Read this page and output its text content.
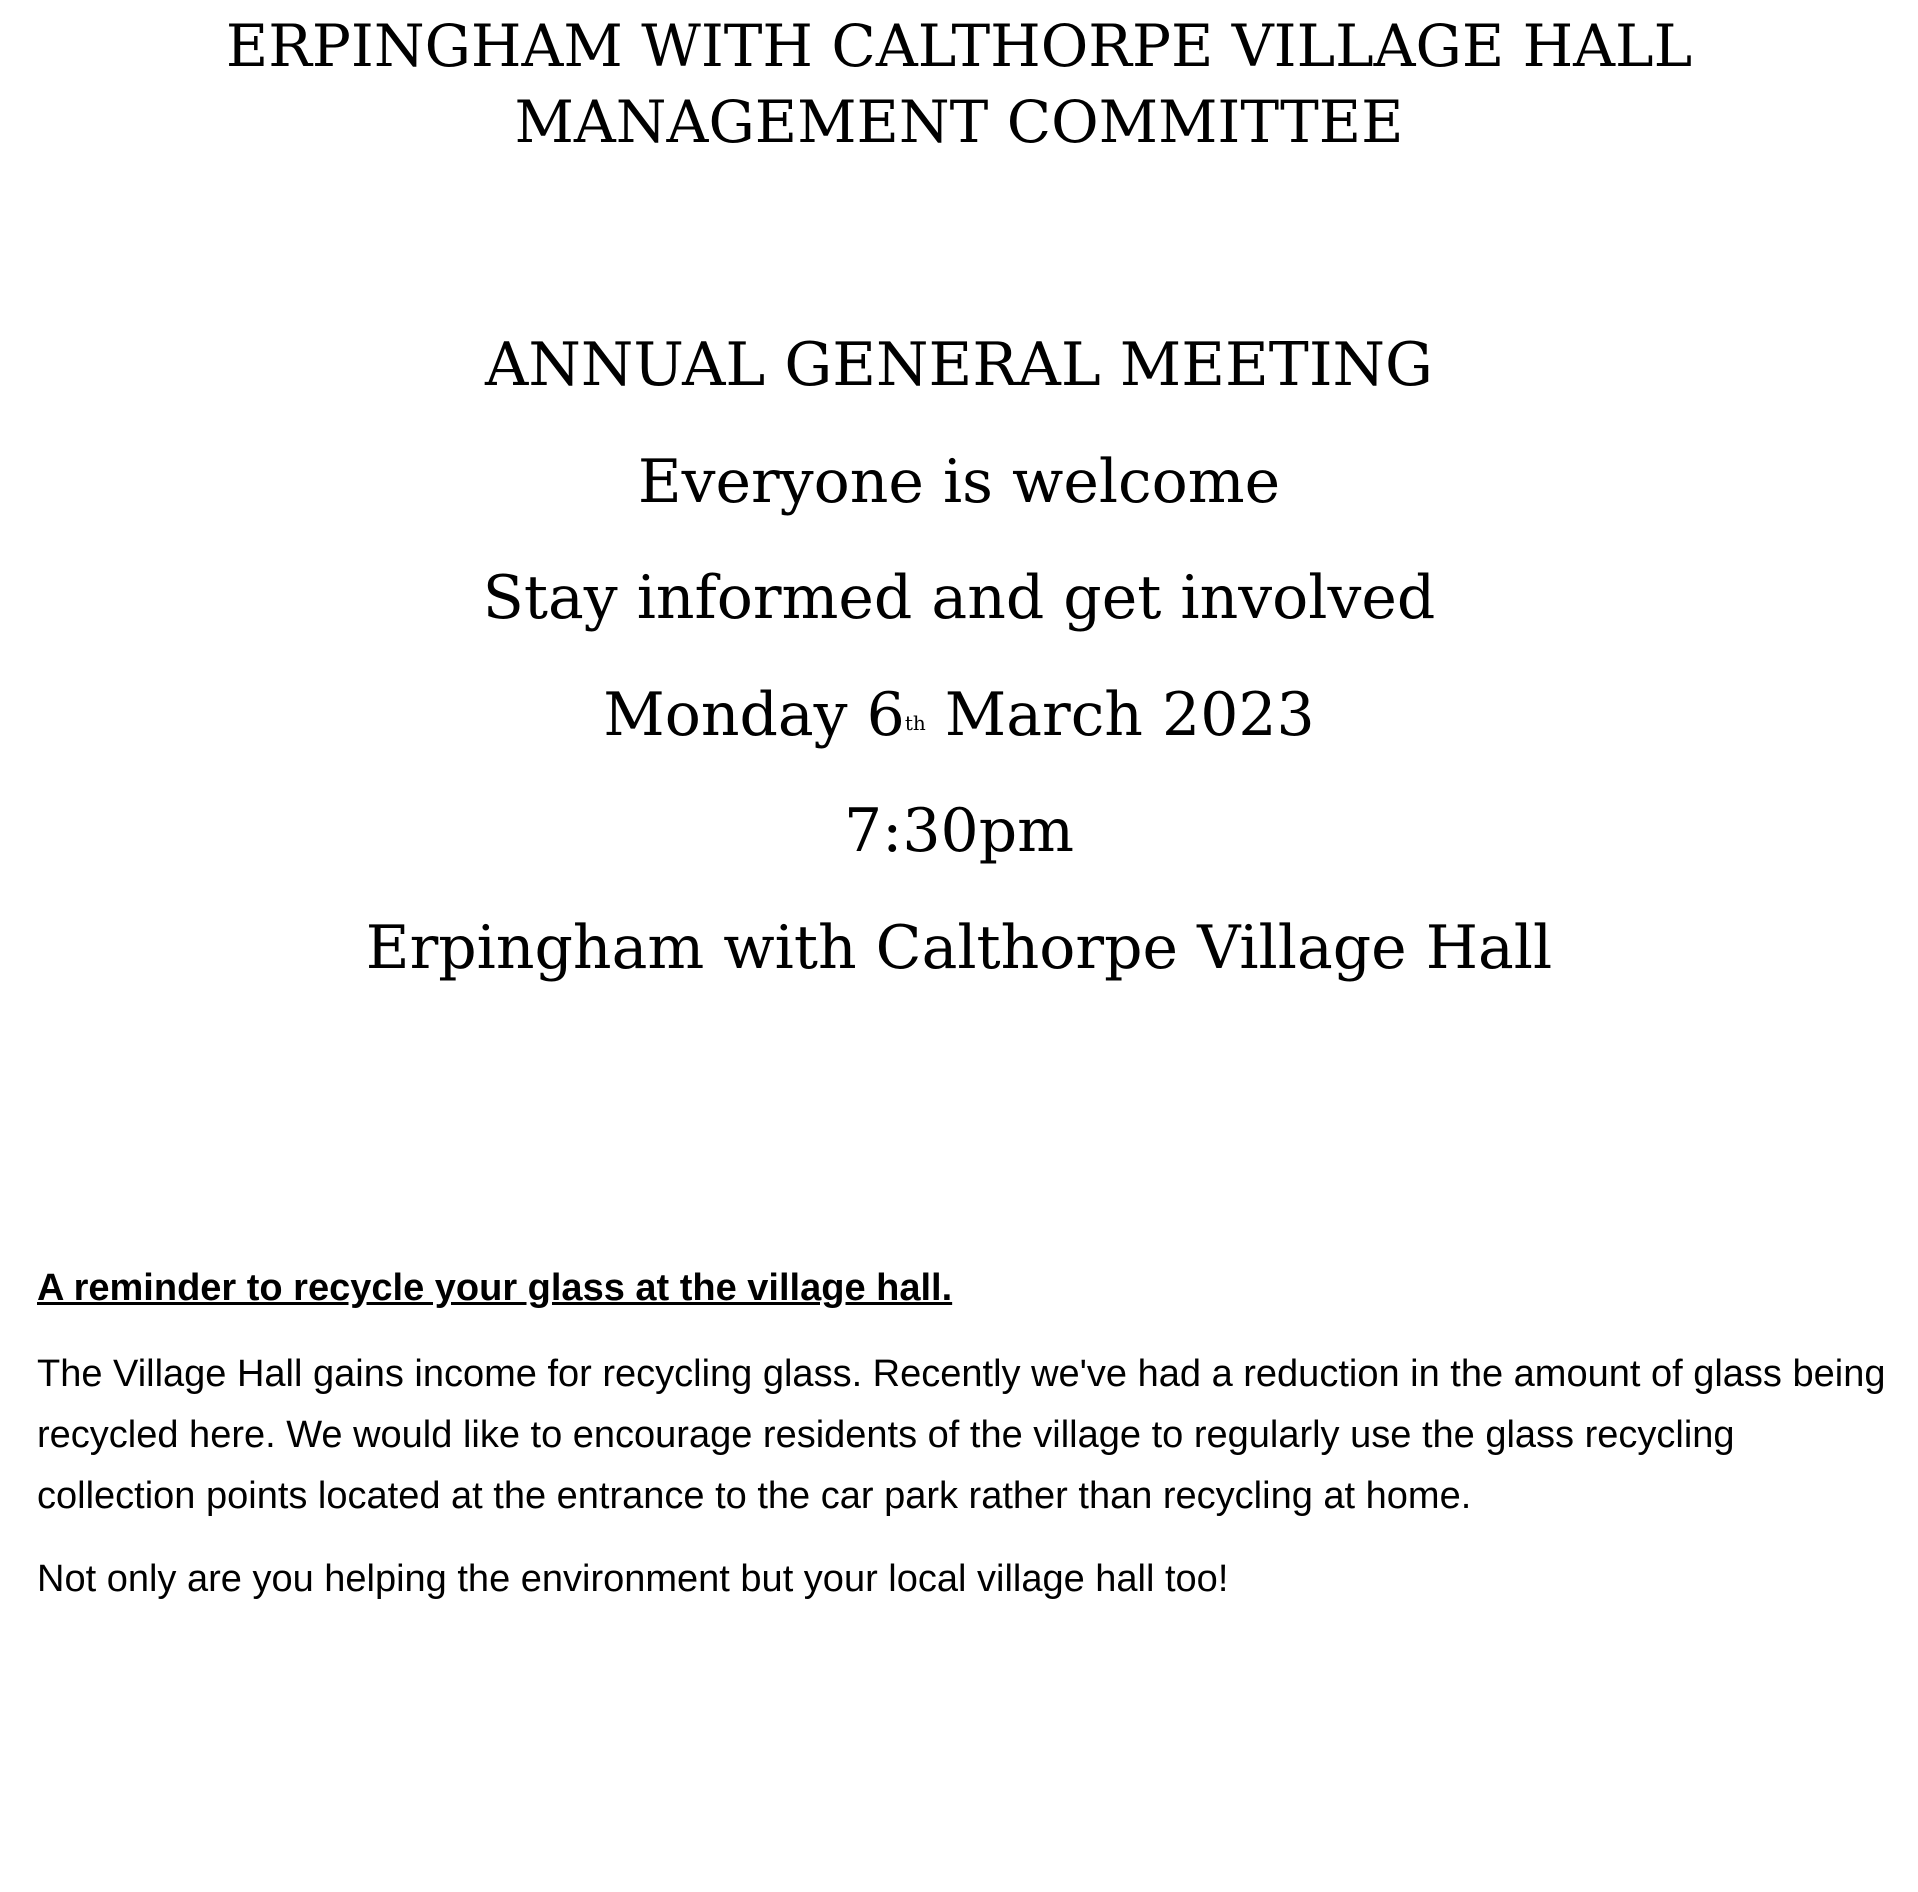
ERPINGHAM WITH CALTHORPE VILLAGE HALL
MANAGEMENT COMMITTEE
ANNUAL GENERAL MEETING
Everyone is welcome
Stay informed and get involved
Monday 6th March 2023
7:30pm
Erpingham with Calthorpe Village Hall

A reminder to recycle your glass at the village hall.

The Village Hall gains income for recycling glass. Recently we've had a reduction in the amount of glass being recycled here. We would like to encourage residents of the village to regularly use the glass recycling collection points located at the entrance to the car park rather than recycling at home.

Not only are you helping the environment but your local village hall too!
